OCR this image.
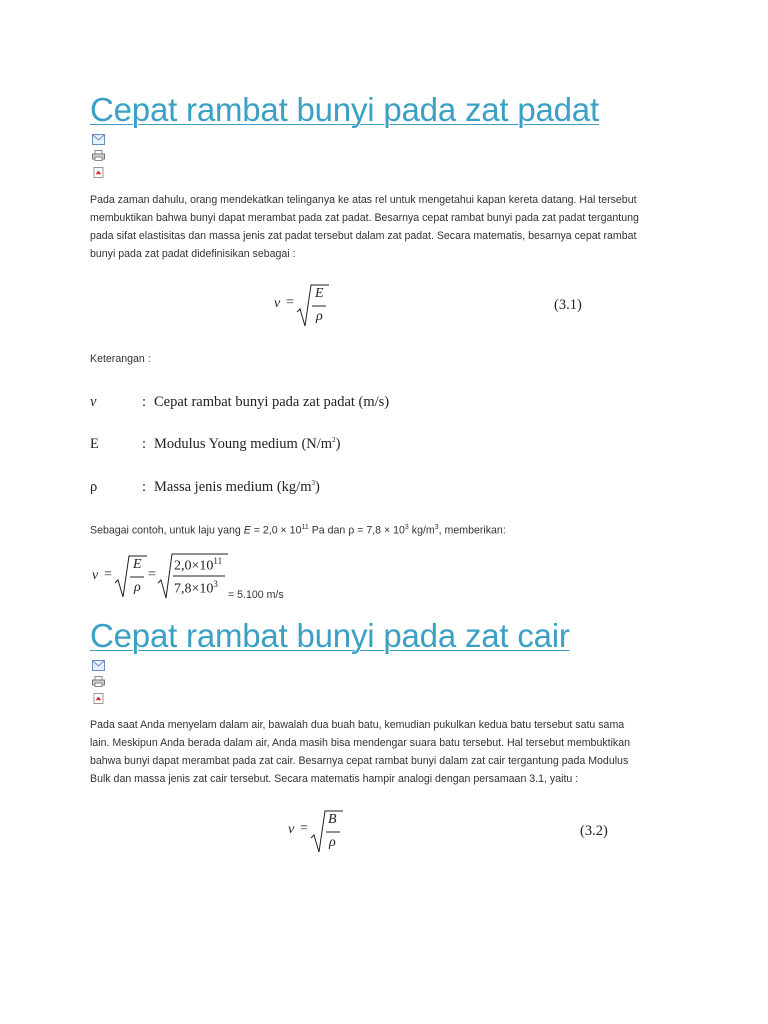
Cepat rambat bunyi pada zat padat
Pada zaman dahulu, orang mendekatkan telinganya ke atas rel untuk mengetahui kapan kereta datang. Hal tersebut
membuktikan bahwa bunyi dapat merambat pada zat padat. Besarnya cepat rambat bunyi pada zat padat tergantung
pada sifat elastisitas dan massa jenis zat padat tersebut dalam zat padat. Secara matematis, besarnya cepat rambat
bunyi pada zat padat didefinisikan sebagai :
v =
E
ρ
(3.1)
Keterangan :
v	: Cepat rambat bunyi pada zat padat (m/s)
E	: Modulus Young medium $(N/m^2)$
ρ	: Massa jenis medium $(kg/m^3)$
Sebagai contoh, untuk laju yang $E = 2,0 \times 10^{11}$ Pa dan $\rho = 7,8 \times 10^3$ $kg/m^3$, memberikan:
v =
E
ρ
=
$2,0\times 10^{11}$
$7,8\times 10^3$
= 5.100 m/s
Cepat rambat bunyi pada zat cair
Pada saat Anda menyelam dalam air, bawalah dua buah batu, kemudian pukulkan kedua batu tersebut satu sama
lain. Meskipun Anda berada dalam air, Anda masih bisa mendengar suara batu tersebut. Hal tersebut membuktikan
bahwa bunyi dapat merambat pada zat cair. Besarnya cepat rambat bunyi dalam zat cair tergantung pada Modulus
Bulk dan massa jenis zat cair tersebut. Secara matematis hampir analogi dengan persamaan 3.1, yaitu :
v =
B
ρ
(3.2)
